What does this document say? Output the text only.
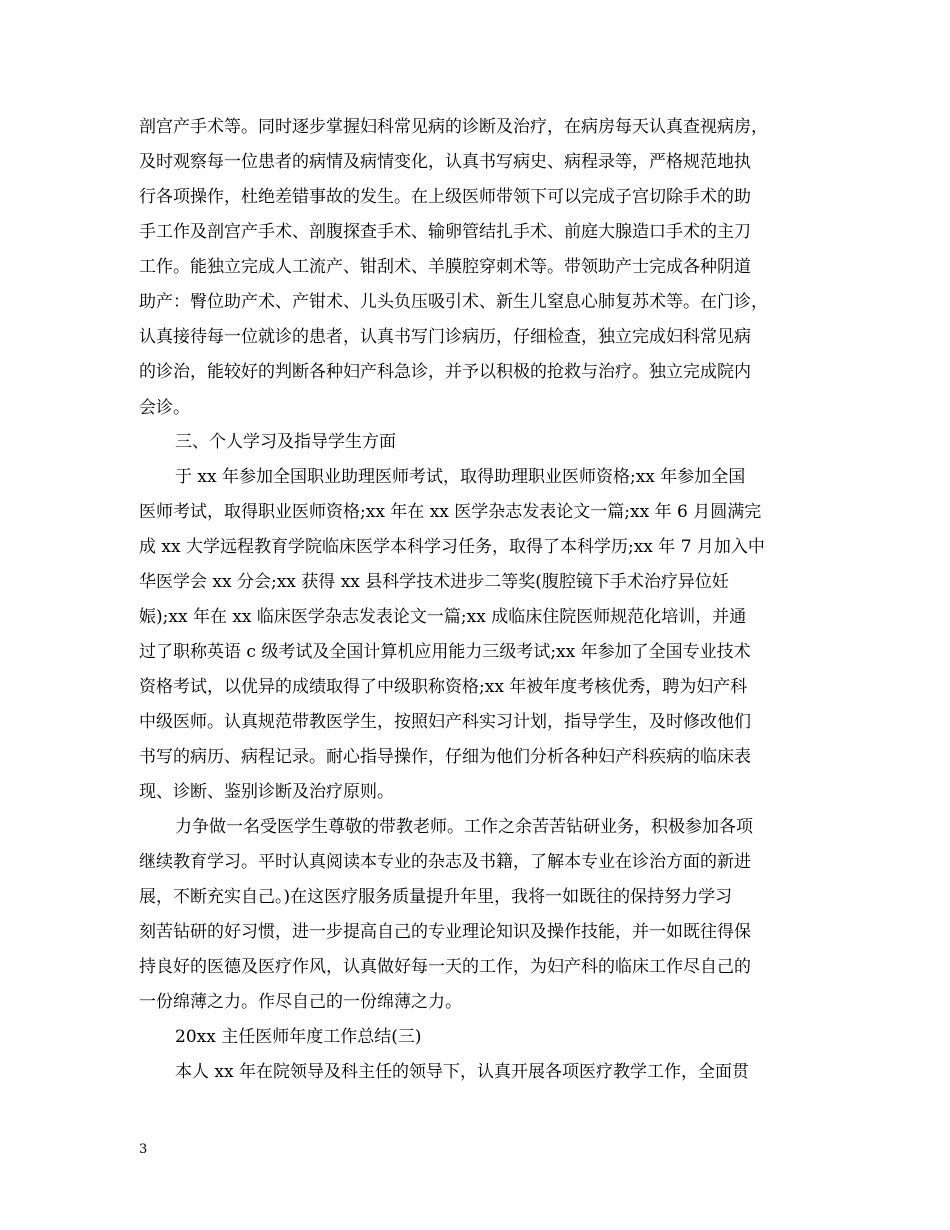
剖宫产手术等。同时逐步掌握妇科常见病的诊断及治疗，在病房每天认真查视病房，
及时观察每一位患者的病情及病情变化，认真书写病史、病程录等，严格规范地执
行各项操作，杜绝差错事故的发生。在上级医师带领下可以完成子宫切除手术的助
手工作及剖宫产手术、剖腹探查手术、输卵管结扎手术、前庭大腺造口手术的主刀
工作。能独立完成人工流产、钳刮术、羊膜腔穿刺术等。带领助产士完成各种阴道
助产：臀位助产术、产钳术、儿头负压吸引术、新生儿窒息心肺复苏术等。在门诊，
认真接待每一位就诊的患者，认真书写门诊病历，仔细检查，独立完成妇科常见病
的诊治，能较好的判断各种妇产科急诊，并予以积极的抢救与治疗。独立完成院内
会诊。
三、个人学习及指导学生方面
于 xx 年参加全国职业助理医师考试，取得助理职业医师资格;xx 年参加全国
医师考试，取得职业医师资格;xx 年在 xx 医学杂志发表论文一篇;xx 年 6 月圆满完
成 xx 大学远程教育学院临床医学本科学习任务，取得了本科学历;xx 年 7 月加入中
华医学会 xx 分会;xx 获得 xx 县科学技术进步二等奖(腹腔镜下手术治疗异位妊
娠);xx 年在 xx 临床医学杂志发表论文一篇;xx 成临床住院医师规范化培训，并通
过了职称英语 c 级考试及全国计算机应用能力三级考试;xx 年参加了全国专业技术
资格考试，以优异的成绩取得了中级职称资格;xx 年被年度考核优秀，聘为妇产科
中级医师。认真规范带教医学生，按照妇产科实习计划，指导学生，及时修改他们
书写的病历、病程记录。耐心指导操作，仔细为他们分析各种妇产科疾病的临床表
现、诊断、鉴别诊断及治疗原则。
力争做一名受医学生尊敬的带教老师。工作之余苦苦钻研业务，积极参加各项
继续教育学习。平时认真阅读本专业的杂志及书籍，了解本专业在诊治方面的新进
展，不断充实自己。)在这医疗服务质量提升年里，我将一如既往的保持努力学习
刻苦钻研的好习惯，进一步提高自己的专业理论知识及操作技能，并一如既往得保
持良好的医德及医疗作风，认真做好每一天的工作，为妇产科的临床工作尽自己的
一份绵薄之力。作尽自己的一份绵薄之力。
20xx 主任医师年度工作总结(三)
本人 xx 年在院领导及科主任的领导下，认真开展各项医疗教学工作，全面贯
3
